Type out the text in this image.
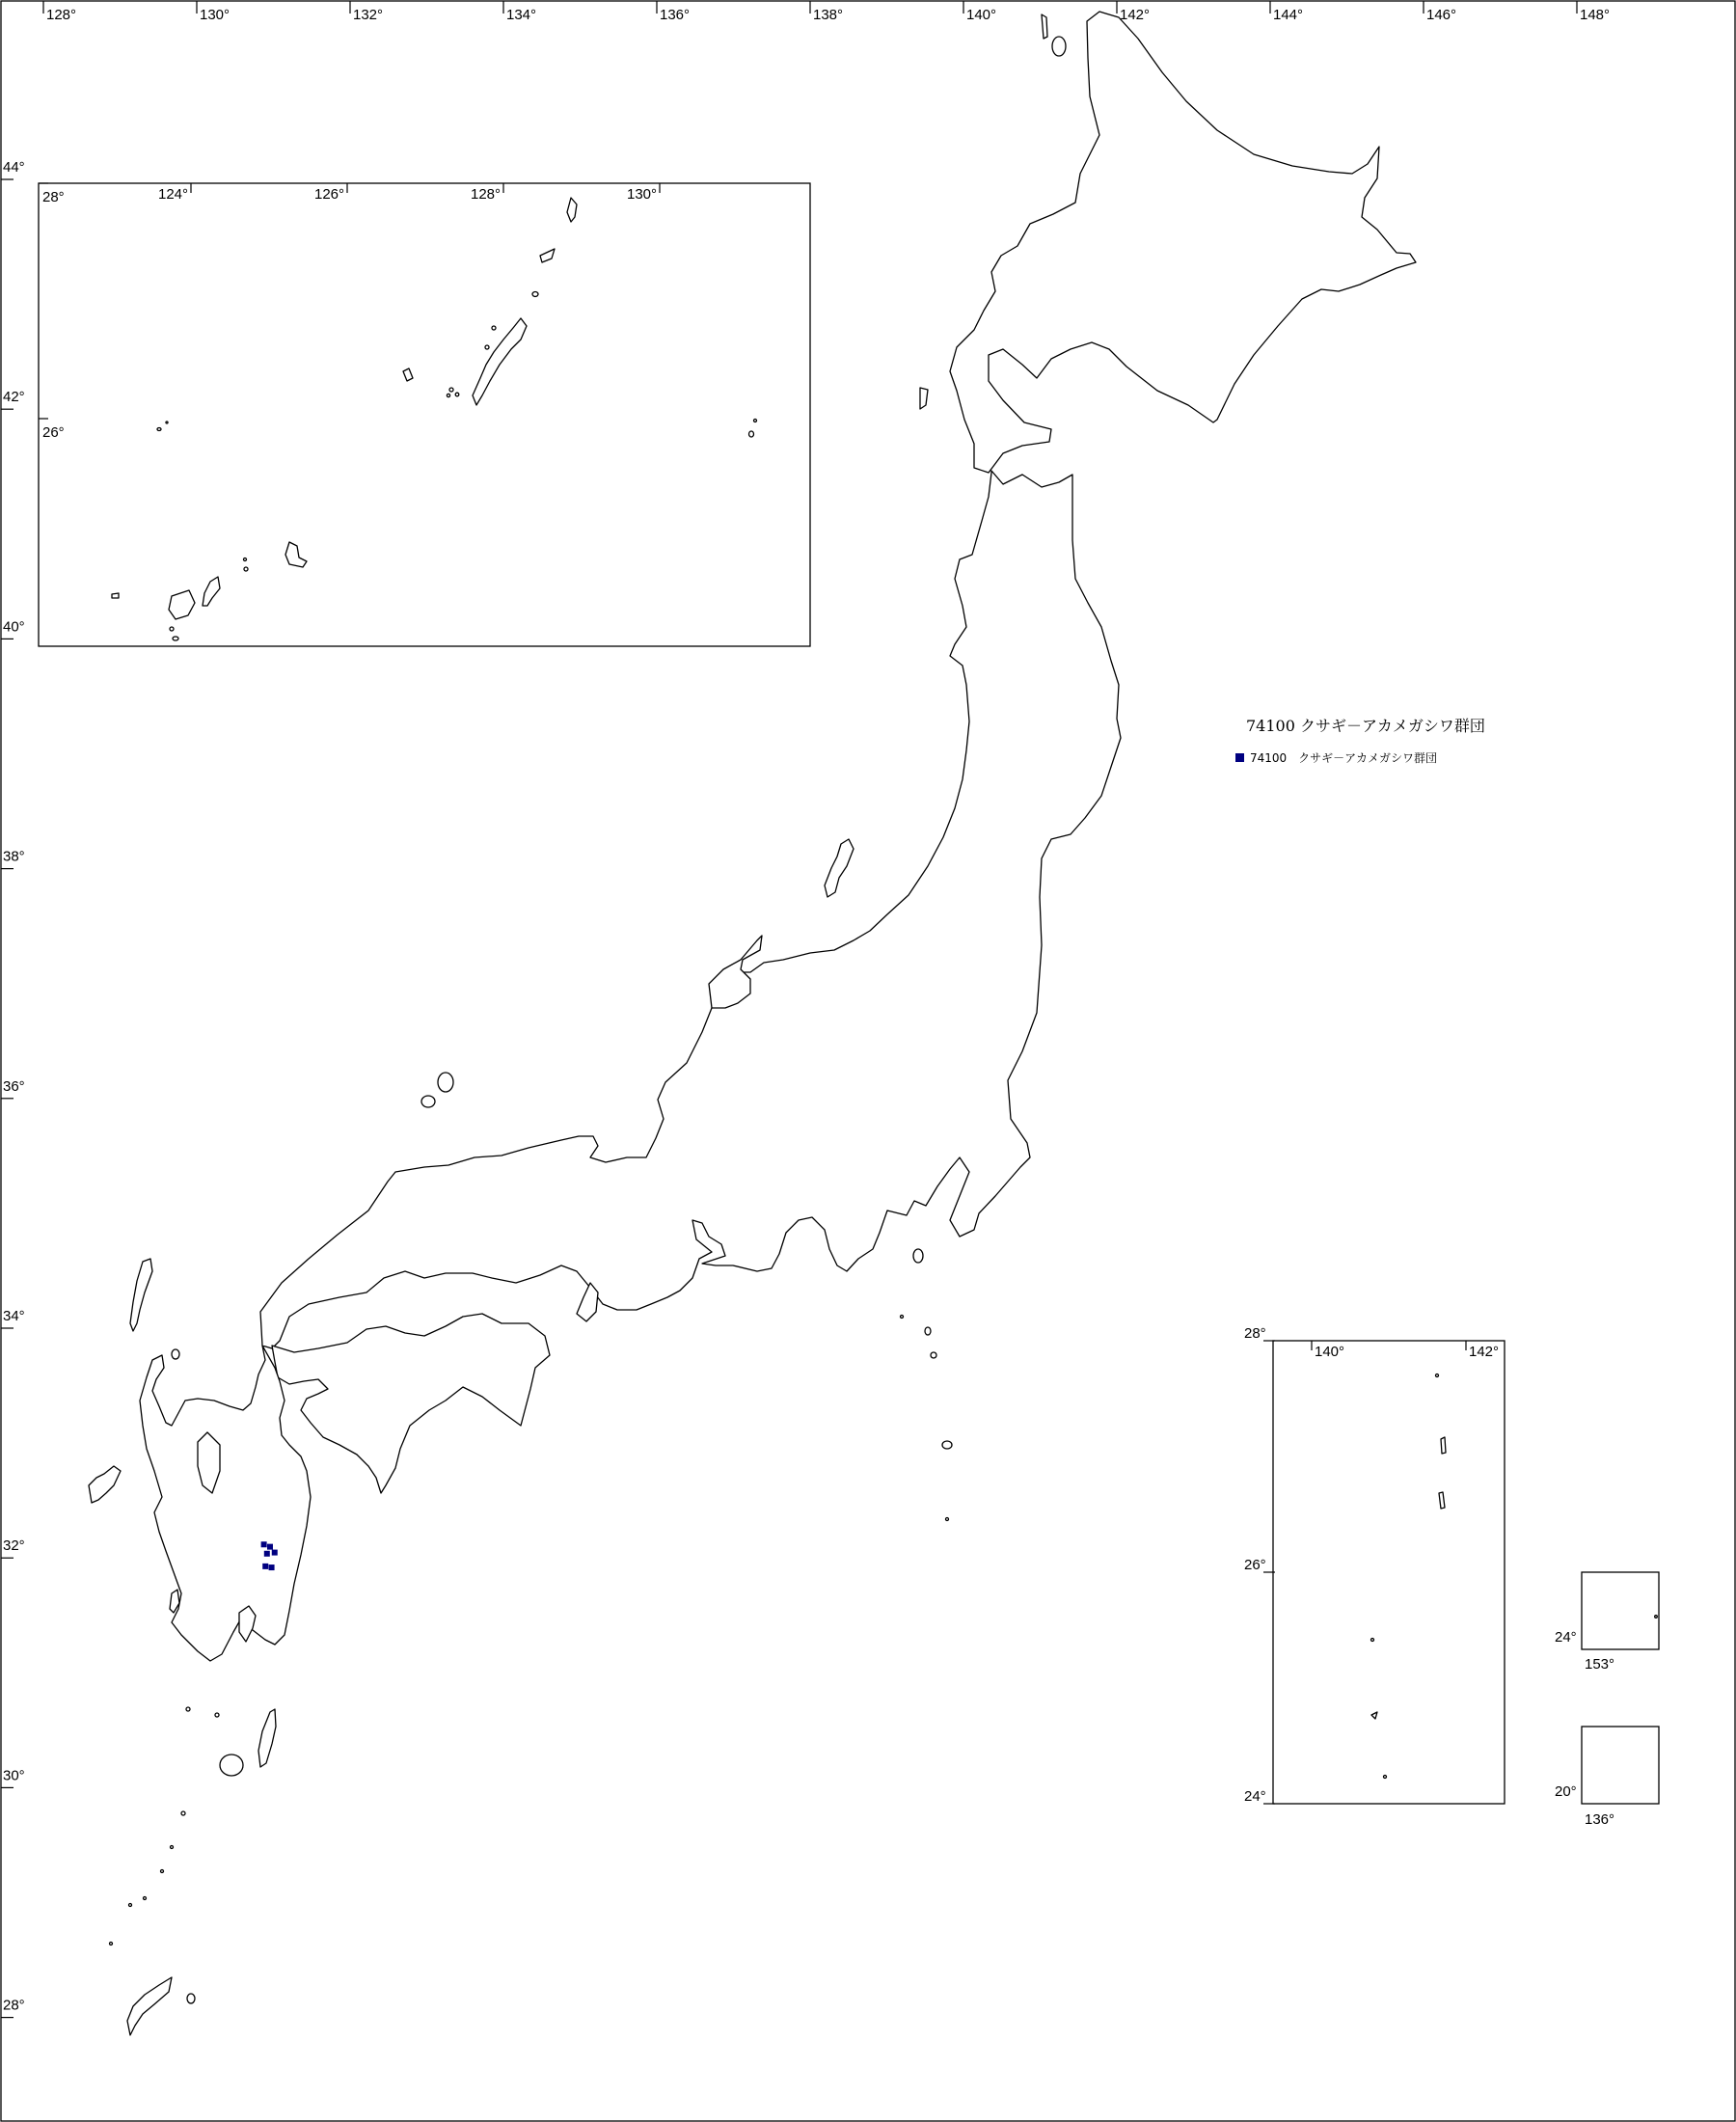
128°	130°	132°	134°	136°	138°	140°	142°	144°	146°	148°
44°
42°
40°
38°
36°
34°
32°
30°
28°
124°	126°	128°	130°
28°
26°
140°	142°
28°
26°
24°
24°
153°
20°
136°
74100 クサギ－アカメガシワ群団
74100　クサギ－アカメガシワ群団
